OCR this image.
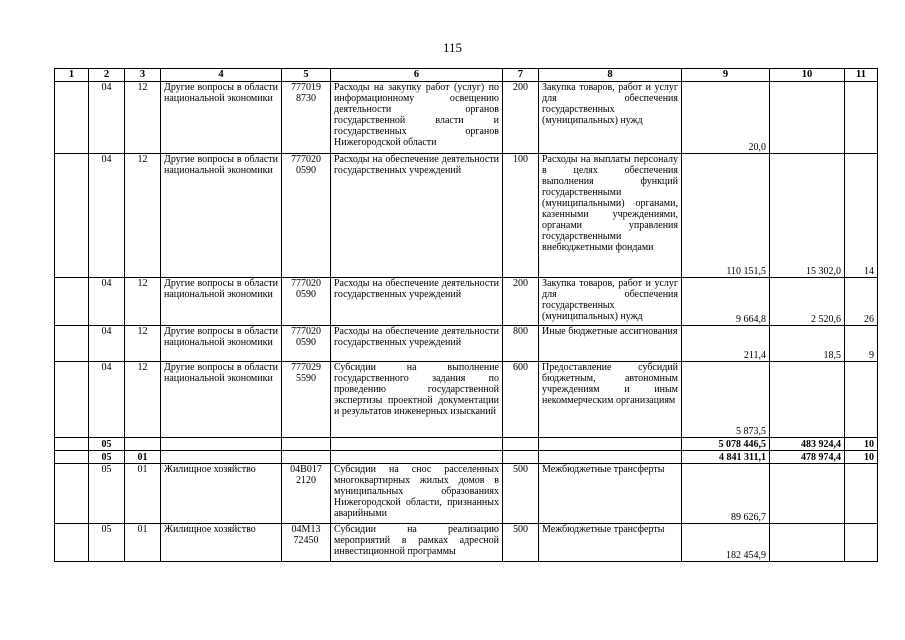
115
1	2	3	4	5	6	7	8	9	10	11
	04	12	Другие вопросы в области национальной экономики	777019 8730	Расходы на закупку работ (услуг) по информационному освещению деятельности органов государственной власти и государственных органов Нижегородской области	200	Закупка товаров, работ и услуг для обеспечения государственных (муниципальных) нужд	20,0		
	04	12	Другие вопросы в области национальной экономики	777020 0590	Расходы на обеспечение деятельности государственных учреждений	100	Расходы на выплаты персоналу в целях обеспечения выполнения функций государственными (муниципальными) органами, казенными учреждениями, органами управления государственными внебюджетными фондами	110 151,5	15 302,0	14
	04	12	Другие вопросы в области национальной экономики	777020 0590	Расходы на обеспечение деятельности государственных учреждений	200	Закупка товаров, работ и услуг для обеспечения государственных (муниципальных) нужд	9 664,8	2 520,6	26
	04	12	Другие вопросы в области национальной экономики	777020 0590	Расходы на обеспечение деятельности государственных учреждений	800	Иные бюджетные ассигнования	211,4	18,5	9
	04	12	Другие вопросы в области национальной экономики	777029 5590	Субсидии на выполнение государственного задания по проведению государственной экспертизы проектной документации и результатов инженерных изысканий	600	Предоставление субсидий бюджетным, автономным учреждениям и иным некоммерческим организациям	5 873,5		
	05							5 078 446,5	483 924,4	10
	05	01						4 841 311,1	478 974,4	10
	05	01	Жилищное хозяйство	04В017 2120	Субсидии на снос расселенных многоквартирных жилых домов в муниципальных образованиях Нижегородской области, признанных аварийными	500	Межбюджетные трансферты	89 626,7		
	05	01	Жилищное хозяйство	04М13 72450	Субсидии на реализацию мероприятий в рамках адресной инвестиционной программы	500	Межбюджетные трансферты	182 454,9		
